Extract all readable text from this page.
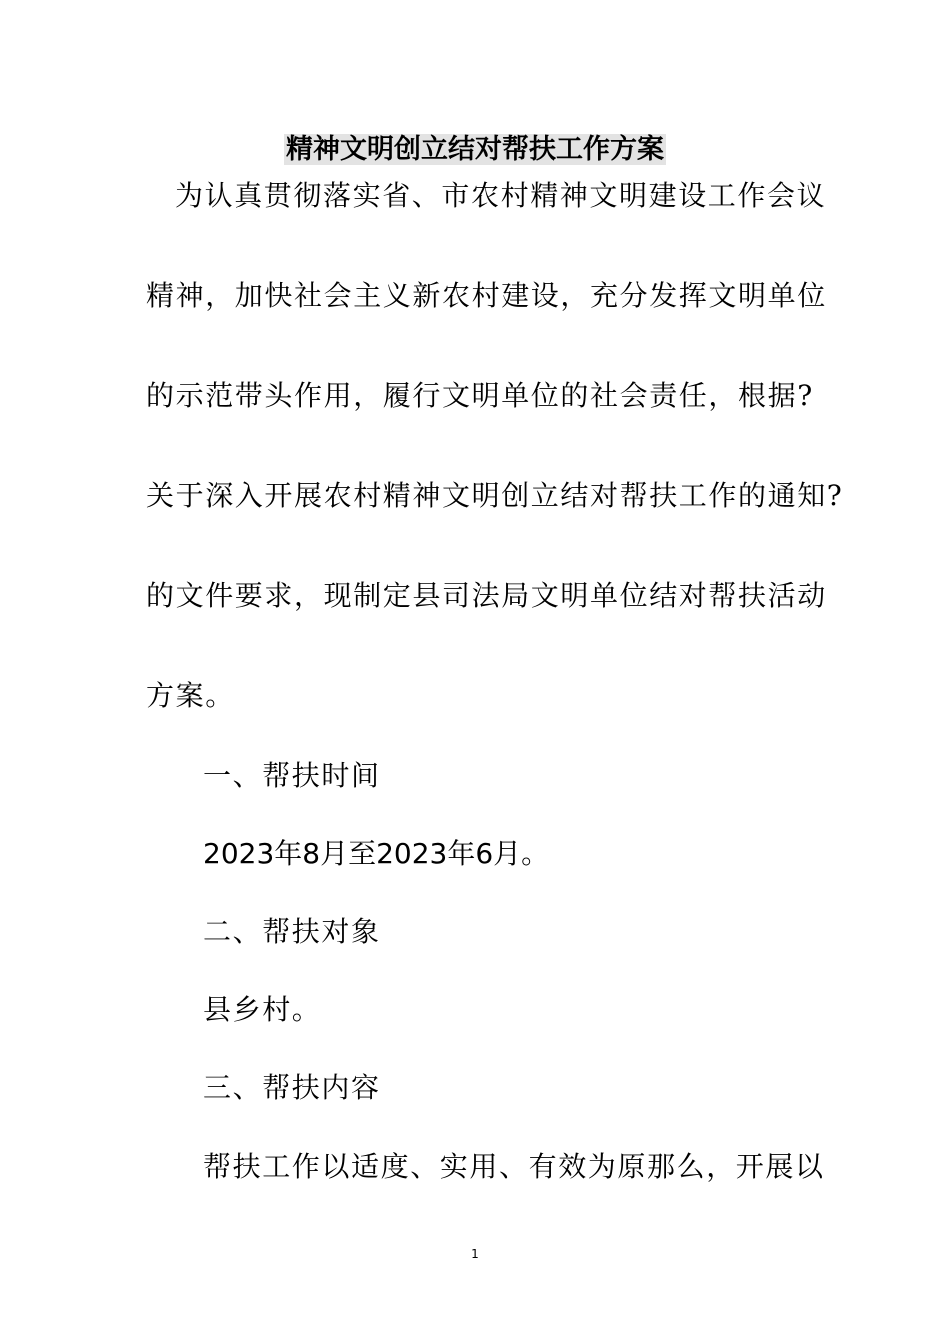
精神文明创立结对帮扶工作方案
为认真贯彻落实省、市农村精神文明建设工作会议
精神，加快社会主义新农村建设，充分发挥文明单位
的示范带头作用，履行文明单位的社会责任，根据?
关于深入开展农村精神文明创立结对帮扶工作的通知?
的文件要求，现制定县司法局文明单位结对帮扶活动
方案。
一、帮扶时间
2023年8月至2023年6月。
二、帮扶对象
县乡村。
三、帮扶内容
帮扶工作以适度、实用、有效为原那么，开展以
1
